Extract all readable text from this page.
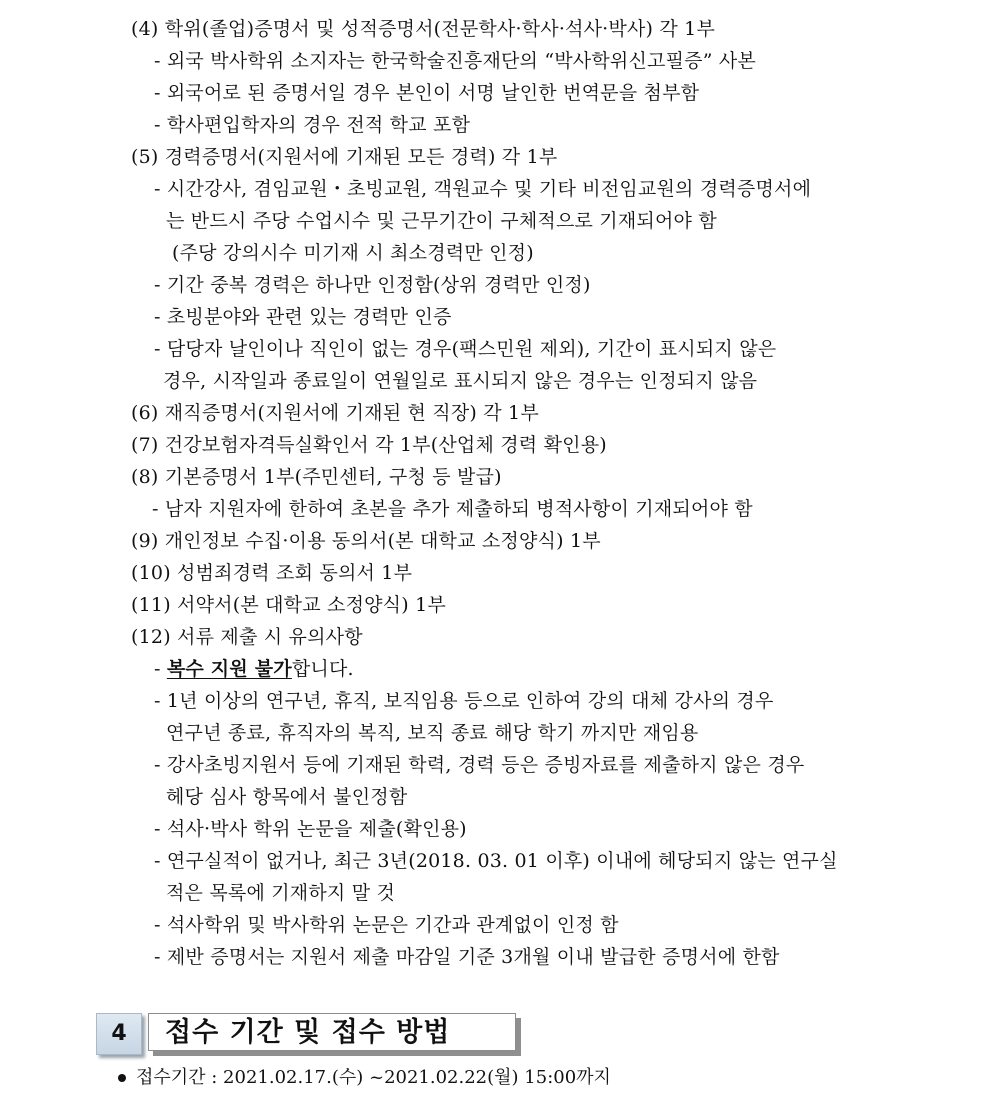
(4) 학위(졸업)증명서 및 성적증명서(전문학사·학사·석사·박사) 각 1부
- 외국 박사학위 소지자는 한국학술진흥재단의 “박사학위신고필증” 사본
- 외국어로 된 증명서일 경우 본인이 서명 날인한 번역문을 첨부함
- 학사편입학자의 경우 전적 학교 포함
(5) 경력증명서(지원서에 기재된 모든 경력) 각 1부
- 시간강사, 겸임교원・초빙교원, 객원교수 및 기타 비전임교원의 경력증명서에
는 반드시 주당 수업시수 및 근무기간이 구체적으로 기재되어야 함
(주당 강의시수 미기재 시 최소경력만 인정)
- 기간 중복 경력은 하나만 인정함(상위 경력만 인정)
- 초빙분야와 관련 있는 경력만 인증
- 담당자 날인이나 직인이 없는 경우(팩스민원 제외), 기간이 표시되지 않은
경우, 시작일과 종료일이 연월일로 표시되지 않은 경우는 인정되지 않음
(6) 재직증명서(지원서에 기재된 현 직장) 각 1부
(7) 건강보험자격득실확인서 각 1부(산업체 경력 확인용)
(8) 기본증명서 1부(주민센터, 구청 등 발급)
- 남자 지원자에 한하여 초본을 추가 제출하되 병적사항이 기재되어야 함
(9) 개인정보 수집·이용 동의서(본 대학교 소정양식) 1부
(10) 성범죄경력 조회 동의서 1부
(11) 서약서(본 대학교 소정양식) 1부
(12) 서류 제출 시 유의사항
- 복수 지원 불가합니다.
- 1년 이상의 연구년, 휴직, 보직임용 등으로 인하여 강의 대체 강사의 경우
연구년 종료, 휴직자의 복직, 보직 종료 해당 학기 까지만 재임용
- 강사초빙지원서 등에 기재된 학력, 경력 등은 증빙자료를 제출하지 않은 경우
헤당 심사 항목에서 불인정함
- 석사·박사 학위 논문을 제출(확인용)
- 연구실적이 없거나, 최근 3년(2018. 03. 01 이후) 이내에 헤당되지 않는 연구실
적은 목록에 기재하지 말 것
- 석사학위 및 박사학위 논문은 기간과 관계없이 인정 함
- 제반 증명서는 지원서 제출 마감일 기준 3개월 이내 발급한 증명서에 한함
4	접수 기간 및 접수 방법
접수기간 : 2021.02.17.(수) ~2021.02.22(월) 15:00까지
